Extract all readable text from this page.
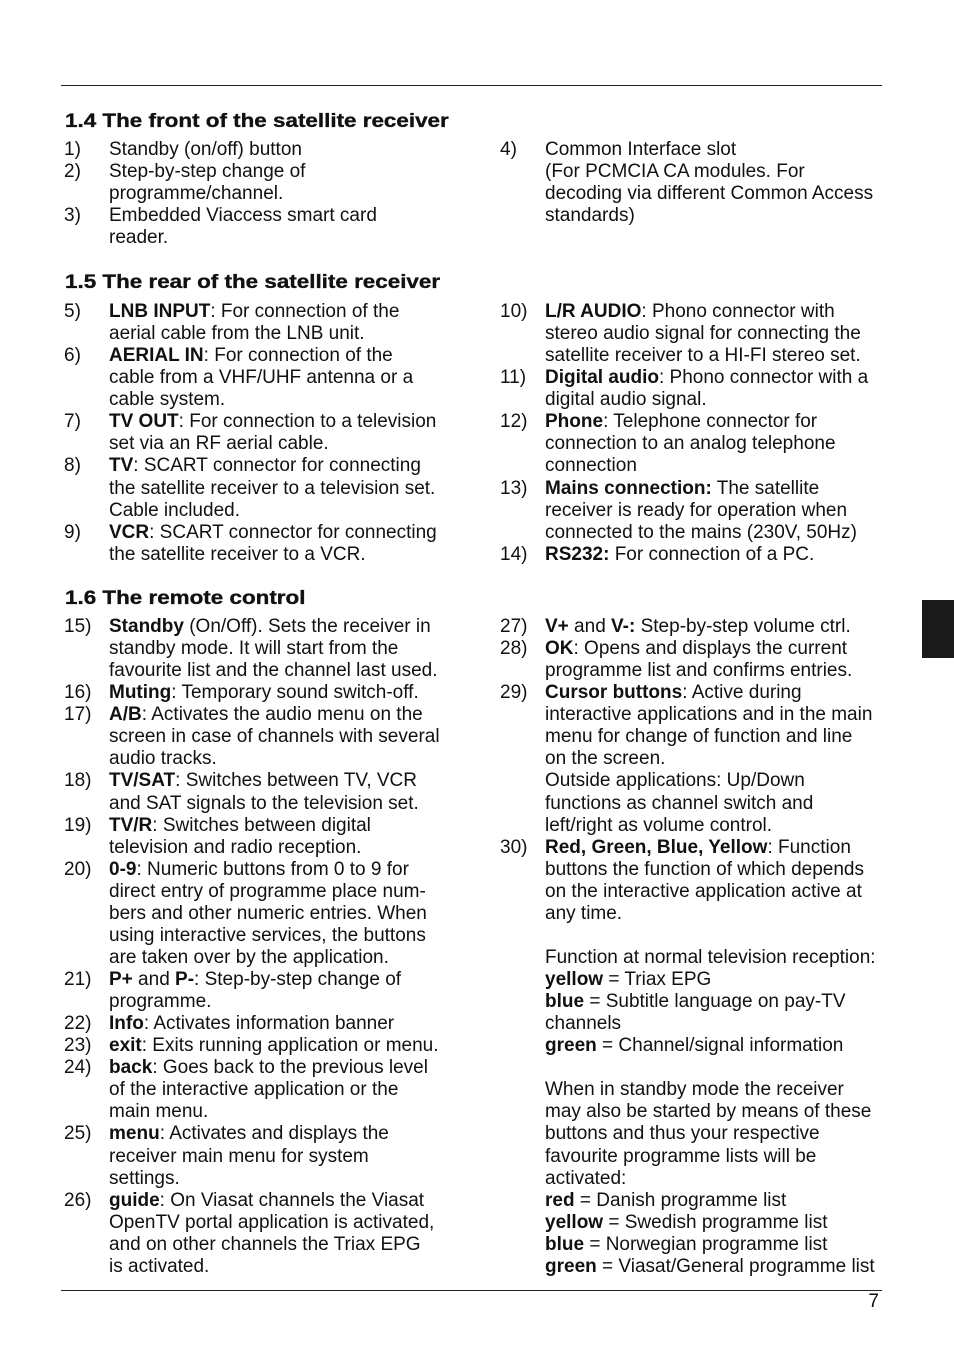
1.4 The front of the satellite receiver
1) Standby (on/off) button
2) Step-by-step change of
programme/channel.
3) Embedded Viaccess smart card
reader.
4) Common Interface slot
(For PCMCIA CA modules. For
decoding via different Common Access
standards)
1.5 The rear of the satellite receiver
5) LNB INPUT: For connection of the
aerial cable from the LNB unit.
6) AERIAL IN: For connection of the
cable from a VHF/UHF antenna or a
cable system.
7) TV OUT: For connection to a television
set via an RF aerial cable.
8) TV: SCART connector for connecting
the satellite receiver to a television set.
Cable included.
9) VCR: SCART connector for connecting
the satellite receiver to a VCR.
10) L/R AUDIO: Phono connector with
stereo audio signal for connecting the
satellite receiver to a HI-FI stereo set.
11) Digital audio: Phono connector with a
digital audio signal.
12) Phone: Telephone connector for
connection to an analog telephone
connection
13) Mains connection: The satellite
receiver is ready for operation when
connected to the mains (230V, 50Hz)
14) RS232: For connection of a PC.
1.6 The remote control
15) Standby (On/Off). Sets the receiver in
standby mode. It will start from the
favourite list and the channel last used.
16) Muting: Temporary sound switch-off.
17) A/B: Activates the audio menu on the
screen in case of channels with several
audio tracks.
18) TV/SAT: Switches between TV, VCR
and SAT signals to the television set.
19) TV/R: Switches between digital
television and radio reception.
20) 0-9: Numeric buttons from 0 to 9 for
direct entry of programme place num-
bers and other numeric entries. When
using interactive services, the buttons
are taken over by the application.
21) P+ and P-: Step-by-step change of
programme.
22) Info: Activates information banner
23) exit: Exits running application or menu.
24) back: Goes back to the previous level
of the interactive application or the
main menu.
25) menu: Activates and displays the
receiver main menu for system
settings.
26) guide: On Viasat channels the Viasat
OpenTV portal application is activated,
and on other channels the Triax EPG
is activated.
27) V+ and V-: Step-by-step volume ctrl.
28) OK: Opens and displays the current
programme list and confirms entries.
29) Cursor buttons: Active during
interactive applications and in the main
menu for change of function and line
on the screen.
Outside applications: Up/Down
functions as channel switch and
left/right as volume control.
30) Red, Green, Blue, Yellow: Function
buttons the function of which depends
on the interactive application active at
any time.
Function at normal television reception:
yellow = Triax EPG
blue = Subtitle language on pay-TV
channels
green = Channel/signal information
When in standby mode the receiver
may also be started by means of these
buttons and thus your respective
favourite programme lists will be
activated:
red = Danish programme list
yellow = Swedish programme list
blue = Norwegian programme list
green = Viasat/General programme list
7
